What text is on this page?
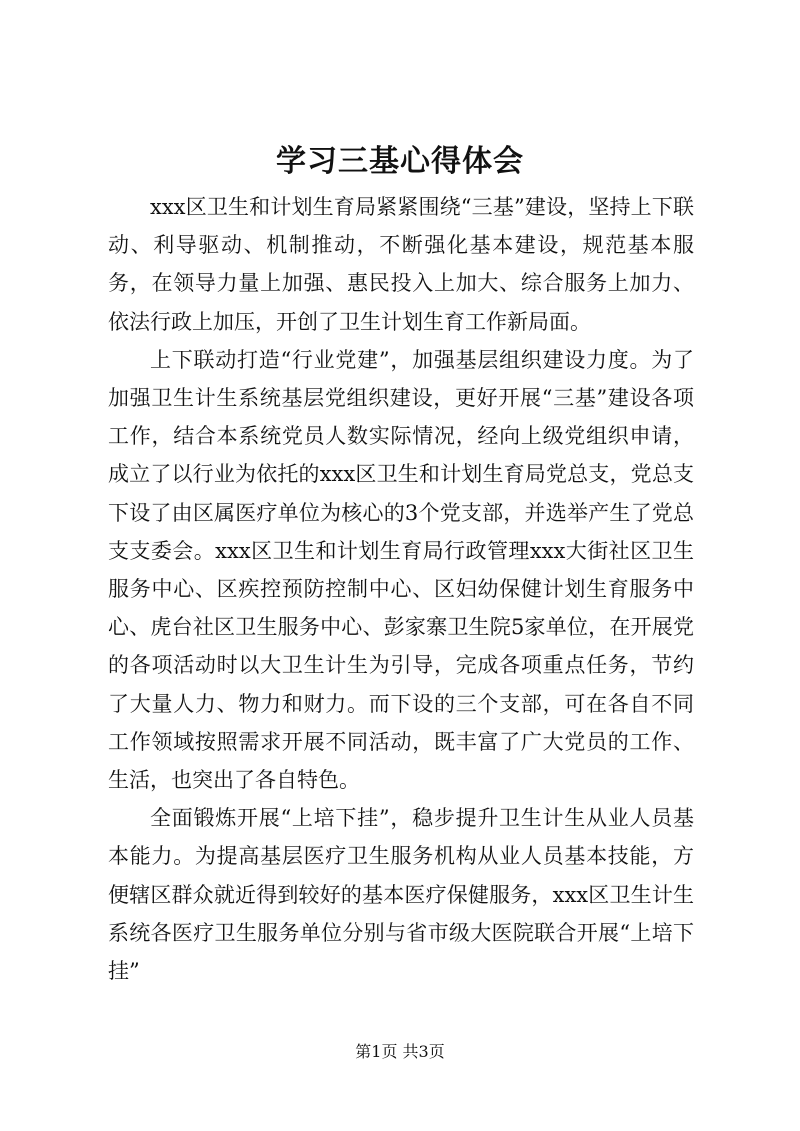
学习三基心得体会

xxx区卫生和计划生育局紧紧围绕“三基”建设，坚持上下联动、利导驱动、机制推动，不断强化基本建设，规范基本服务，在领导力量上加强、惠民投入上加大、综合服务上加力、依法行政上加压，开创了卫生计划生育工作新局面。

上下联动打造“行业党建”，加强基层组织建设力度。为了加强卫生计生系统基层党组织建设，更好开展“三基”建设各项工作，结合本系统党员人数实际情况，经向上级党组织申请，成立了以行业为依托的xxx区卫生和计划生育局党总支，党总支下设了由区属医疗单位为核心的3个党支部，并选举产生了党总支支委会。xxx区卫生和计划生育局行政管理xxx大街社区卫生服务中心、区疾控预防控制中心、区妇幼保健计划生育服务中心、虎台社区卫生服务中心、彭家寨卫生院5家单位，在开展党的各项活动时以大卫生计生为引导，完成各项重点任务，节约了大量人力、物力和财力。而下设的三个支部，可在各自不同工作领域按照需求开展不同活动，既丰富了广大党员的工作、生活，也突出了各自特色。

全面锻炼开展“上培下挂”，稳步提升卫生计生从业人员基本能力。为提高基层医疗卫生服务机构从业人员基本技能，方便辖区群众就近得到较好的基本医疗保健服务，xxx区卫生计生系统各医疗卫生服务单位分别与省市级大医院联合开展“上培下挂”

第1页 共3页
